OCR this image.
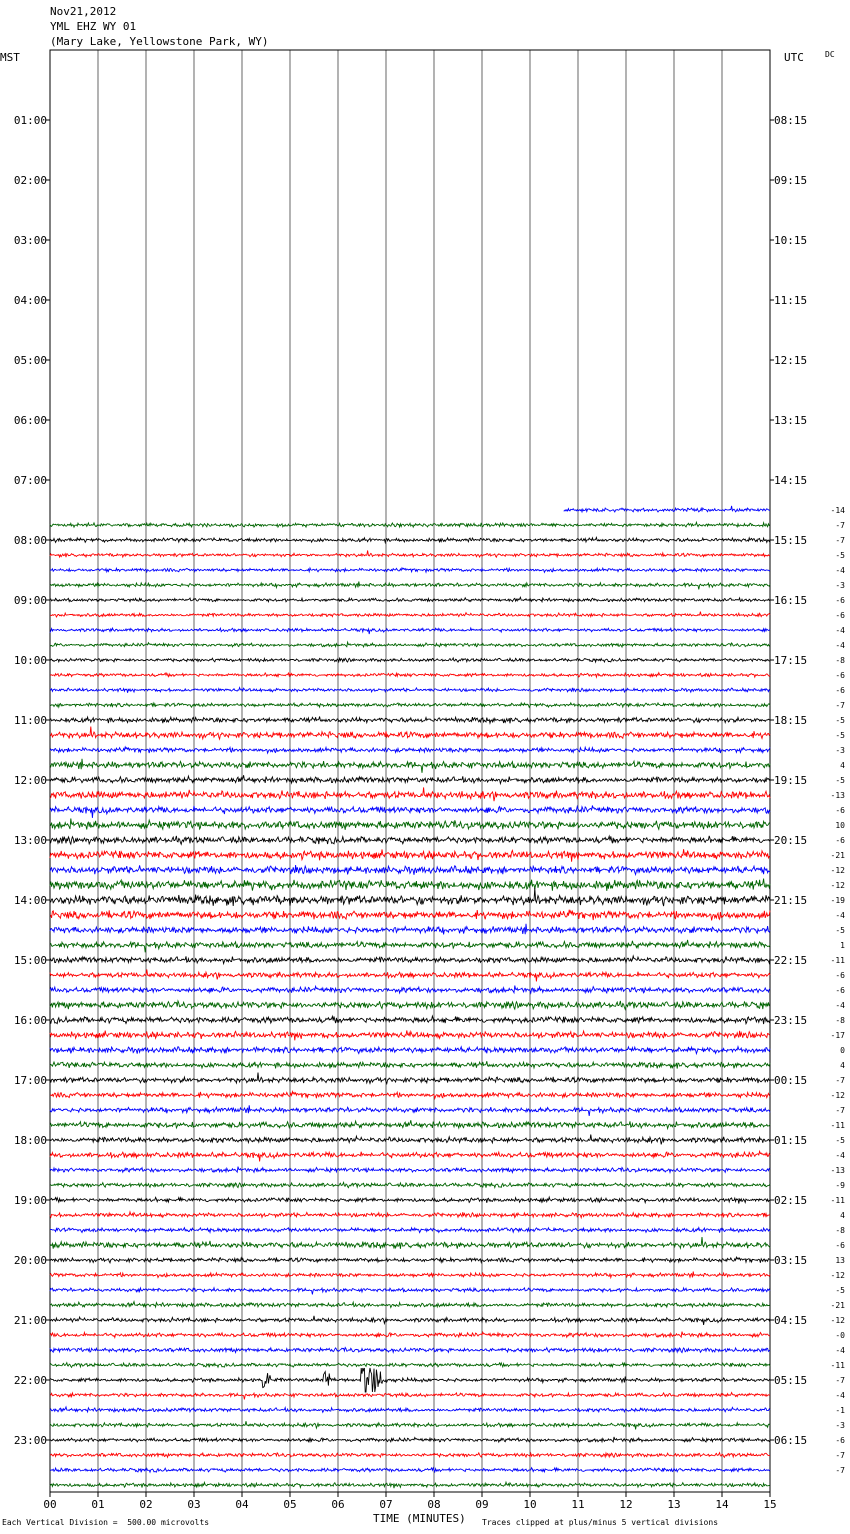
Nov21,2012
YML EHZ WY 01
(Mary Lake, Yellowstone Park, WY)
MST	UTC	DC
00	01	02	03	04	05	06	07	08	09	10	11	12	13	14	15
01:00
02:00
03:00
04:00
05:00
06:00
07:00
08:00
09:00
10:00
11:00
12:00
13:00
14:00
15:00
16:00
17:00
18:00
19:00
20:00
21:00
22:00
23:00
08:15
09:15
10:15
11:15
12:15
13:15
14:15
15:15
16:15
17:15
18:15
19:15
20:15
21:15
22:15
23:15
00:15
01:15
02:15
03:15
04:15
05:15
06:15
-14
-7
-7
-5
-4
-3
-6
-6
-4
-4
-8
-6
-6
-7
-5
-5
-3
4
-5
-13
-6
10
-6
-21
-12
-12
-19
-4
-5
1
-11
-6
-6
-4
-8
-17
0
4
-7
-12
-7
-11
-5
-4
-13
-9
-11
4
-8
-6
13
-12
-5
-21
-12
-0
-4
-11
-7
-4
-1
-3
-6
-7
-7
Each Vertical Division =  500.00 microvolts	TIME (MINUTES) Traces clipped at plus/minus 5 vertical divisions
